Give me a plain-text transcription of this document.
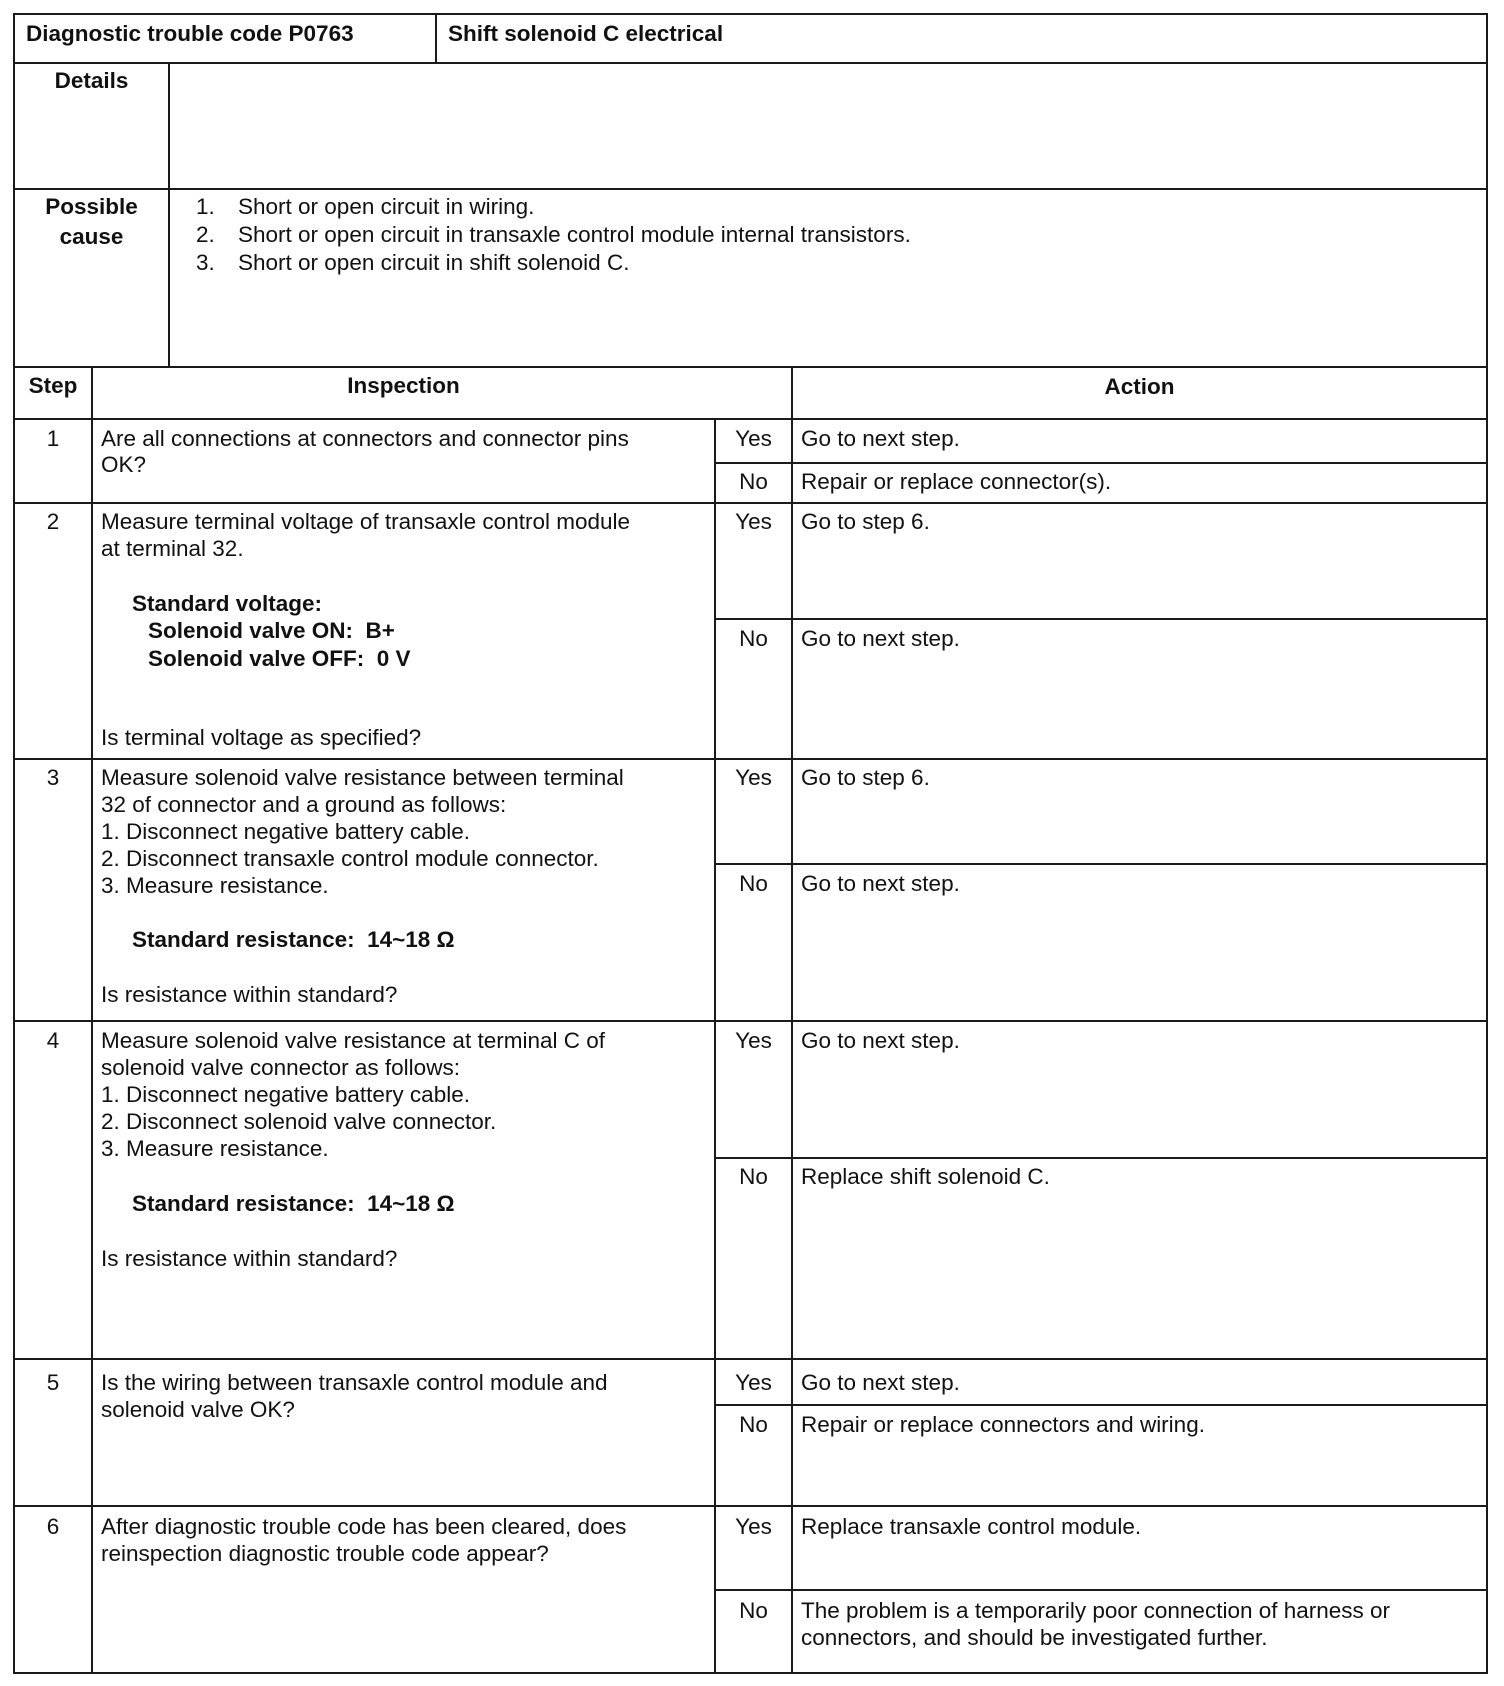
Diagnostic trouble code P0763	Shift solenoid C electrical
Details
Possible
cause
1. Short or open circuit in wiring.
2. Short or open circuit in transaxle control module internal transistors.
3. Short or open circuit in shift solenoid C.
Step	Inspection	Action
1	Are all connections at connectors and connector pins
OK?
Yes	Go to next step.
No	Repair or replace connector(s).
2	Measure terminal voltage of transaxle control module
at terminal 32.
Standard voltage:
Solenoid valve ON:  B+
Solenoid valve OFF:  0 V
Is terminal voltage as specified?
Yes	Go to step 6.
No	Go to next step.
3	Measure solenoid valve resistance between terminal
32 of connector and a ground as follows:
1. Disconnect negative battery cable.
2. Disconnect transaxle control module connector.
3. Measure resistance.
Standard resistance:  14~18 Ω
Is resistance within standard?
Yes	Go to step 6.
No	Go to next step.
4	Measure solenoid valve resistance at terminal C of
solenoid valve connector as follows:
1. Disconnect negative battery cable.
2. Disconnect solenoid valve connector.
3. Measure resistance.
Standard resistance:  14~18 Ω
Is resistance within standard?
Yes	Go to next step.
No	Replace shift solenoid C.
5	Is the wiring between transaxle control module and
solenoid valve OK?
Yes	Go to next step.
No	Repair or replace connectors and wiring.
6	After diagnostic trouble code has been cleared, does
reinspection diagnostic trouble code appear?
Yes	Replace transaxle control module.
No	The problem is a temporarily poor connection of harness or
connectors, and should be investigated further.
